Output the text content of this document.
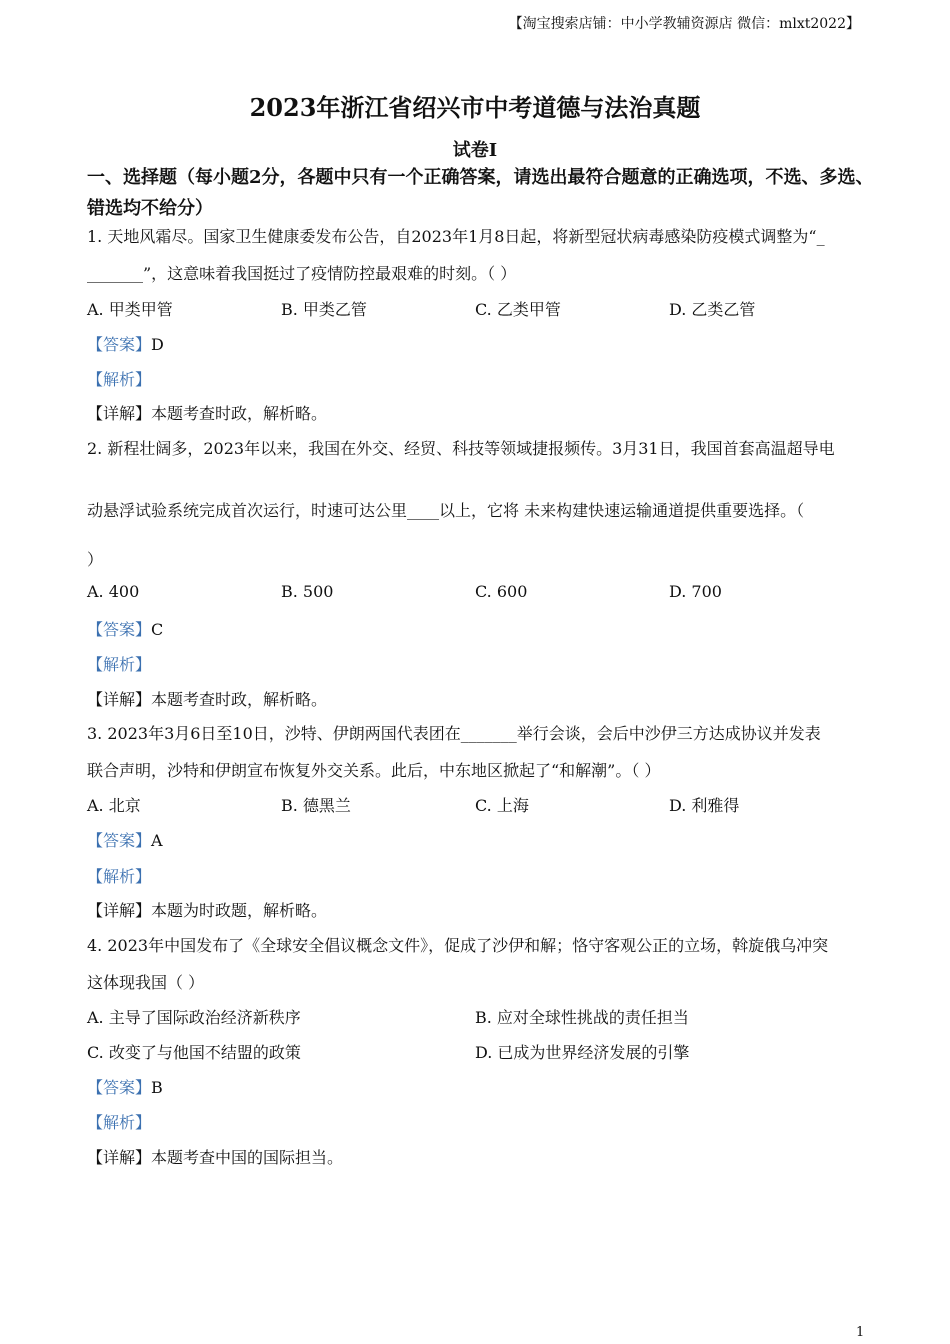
【淘宝搜索店铺：中小学教辅资源店 微信：mlxt2022】
2023年浙江省绍兴市中考道德与法治真题
试卷Ⅰ
一、选择题（每小题2分，各题中只有一个正确答案，请选出最符合题意的正确选项，不选、多选、错选均不给分）
1. 天地风霜尽。国家卫生健康委发布公告，自2023年1月8日起，将新型冠状病毒感染防疫模式调整为“_
_______”，这意味着我国挺过了疫情防控最艰难的时刻。（ ）
A. 甲类甲管	B. 甲类乙管	C. 乙类甲管	D. 乙类乙管
【答案】D
【解析】
【详解】本题考查时政，解析略。
2. 新程壮阔多，2023年以来，我国在外交、经贸、科技等领域捷报频传。3月31日，我国首套高温超导电
动悬浮试验系统完成首次运行，时速可达公里____以上，它将 未来构建快速运输通道提供重要选择。（
）
A. 400	B. 500	C. 600	D. 700
【答案】C
【解析】
【详解】本题考查时政，解析略。
3. 2023年3月6日至10日，沙特、伊朗两国代表团在_______举行会谈，会后中沙伊三方达成协议并发表
联合声明，沙特和伊朗宣布恢复外交关系。此后，中东地区掀起了“和解潮”。（ ）
A. 北京	B. 德黑兰	C. 上海	D. 利雅得
【答案】A
【解析】
【详解】本题为时政题，解析略。
4. 2023年中国发布了《全球安全倡议概念文件》，促成了沙伊和解；恪守客观公正的立场，斡旋俄乌冲突
这体现我国（ ）
A. 主导了国际政治经济新秩序	B. 应对全球性挑战的责任担当
C. 改变了与他国不结盟的政策	D. 已成为世界经济发展的引擎
【答案】B
【解析】
【详解】本题考查中国的国际担当。
1
